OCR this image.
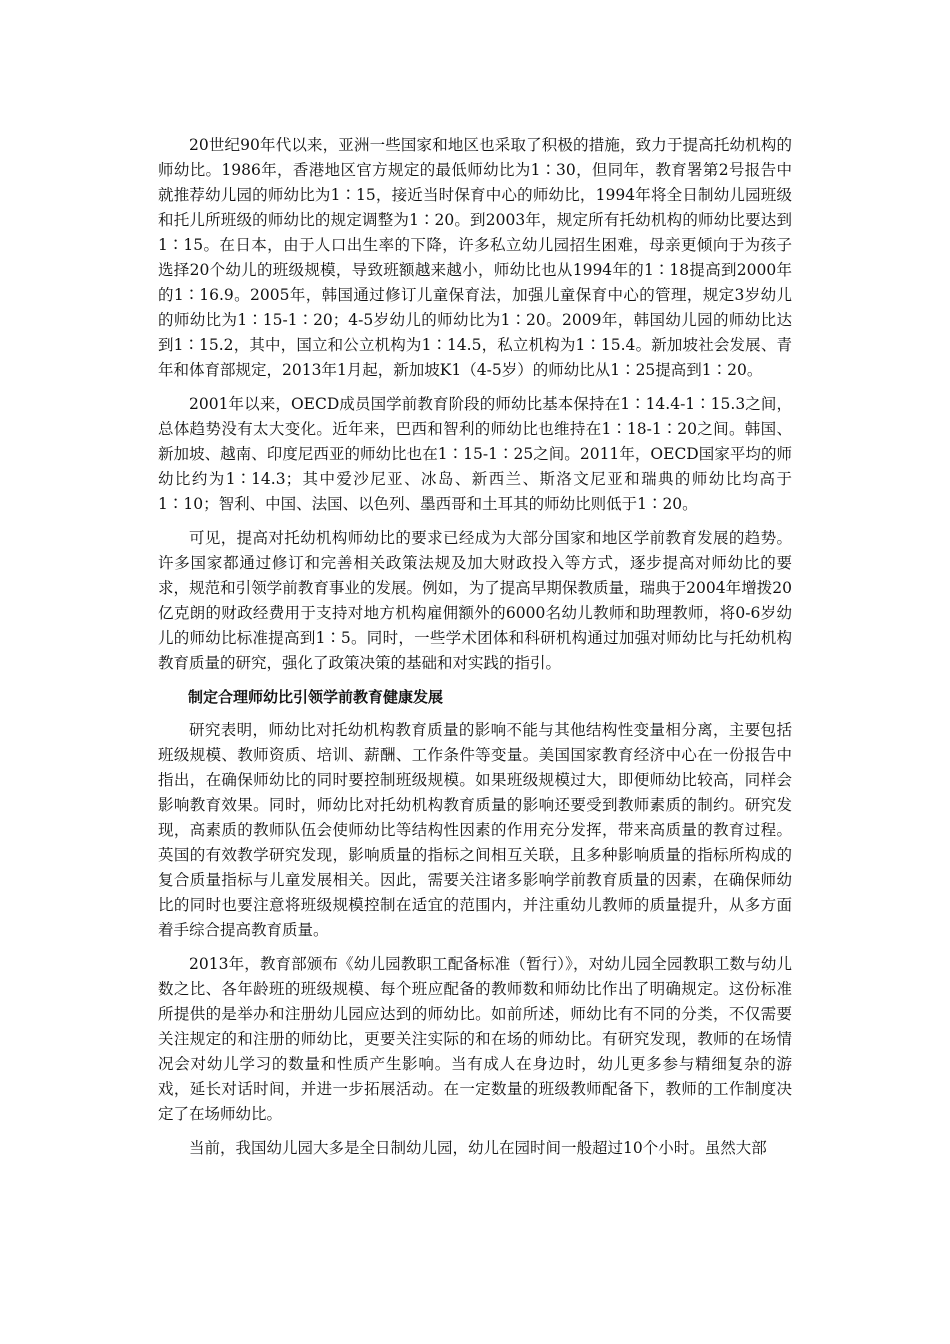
20世纪90年代以来，亚洲一些国家和地区也采取了积极的措施，致力于提高托幼机构的师幼比。1986年，香港地区官方规定的最低师幼比为1∶30，但同年，教育署第2号报告中就推荐幼儿园的师幼比为1∶15，接近当时保育中心的师幼比，1994年将全日制幼儿园班级和托儿所班级的师幼比的规定调整为1∶20。到2003年，规定所有托幼机构的师幼比要达到1∶15。在日本，由于人口出生率的下降，许多私立幼儿园招生困难，母亲更倾向于为孩子选择20个幼儿的班级规模，导致班额越来越小，师幼比也从1994年的1∶18提高到2000年的1∶16.9。2005年，韩国通过修订儿童保育法，加强儿童保育中心的管理，规定3岁幼儿的师幼比为1∶15-1∶20；4-5岁幼儿的师幼比为1∶20。2009年，韩国幼儿园的师幼比达到1∶15.2，其中，国立和公立机构为1∶14.5，私立机构为1∶15.4。新加坡社会发展、青年和体育部规定，2013年1月起，新加坡K1（4-5岁）的师幼比从1∶25提高到1∶20。

2001年以来，OECD成员国学前教育阶段的师幼比基本保持在1∶14.4-1∶15.3之间，总体趋势没有太大变化。近年来，巴西和智利的师幼比也维持在1∶18-1∶20之间。韩国、新加坡、越南、印度尼西亚的师幼比也在1∶15-1∶25之间。2011年，OECD国家平均的师幼比约为1∶14.3；其中爱沙尼亚、冰岛、新西兰、斯洛文尼亚和瑞典的师幼比均高于1∶10；智利、中国、法国、以色列、墨西哥和土耳其的师幼比则低于1∶20。

可见，提高对托幼机构师幼比的要求已经成为大部分国家和地区学前教育发展的趋势。许多国家都通过修订和完善相关政策法规及加大财政投入等方式，逐步提高对师幼比的要求，规范和引领学前教育事业的发展。例如，为了提高早期保教质量，瑞典于2004年增拨20亿克朗的财政经费用于支持对地方机构雇佣额外的6000名幼儿教师和助理教师，将0-6岁幼儿的师幼比标准提高到1∶5。同时，一些学术团体和科研机构通过加强对师幼比与托幼机构教育质量的研究，强化了政策决策的基础和对实践的指引。

制定合理师幼比引领学前教育健康发展

研究表明，师幼比对托幼机构教育质量的影响不能与其他结构性变量相分离，主要包括班级规模、教师资质、培训、薪酬、工作条件等变量。美国国家教育经济中心在一份报告中指出，在确保师幼比的同时要控制班级规模。如果班级规模过大，即便师幼比较高，同样会影响教育效果。同时，师幼比对托幼机构教育质量的影响还要受到教师素质的制约。研究发现，高素质的教师队伍会使师幼比等结构性因素的作用充分发挥，带来高质量的教育过程。英国的有效教学研究发现，影响质量的指标之间相互关联，且多种影响质量的指标所构成的复合质量指标与儿童发展相关。因此，需要关注诸多影响学前教育质量的因素，在确保师幼比的同时也要注意将班级规模控制在适宜的范围内，并注重幼儿教师的质量提升，从多方面着手综合提高教育质量。

2013年，教育部颁布《幼儿园教职工配备标准（暂行）》，对幼儿园全园教职工数与幼儿数之比、各年龄班的班级规模、每个班应配备的教师数和师幼比作出了明确规定。这份标准所提供的是举办和注册幼儿园应达到的师幼比。如前所述，师幼比有不同的分类，不仅需要关注规定的和注册的师幼比，更要关注实际的和在场的师幼比。有研究发现，教师的在场情况会对幼儿学习的数量和性质产生影响。当有成人在身边时，幼儿更多参与精细复杂的游戏，延长对话时间，并进一步拓展活动。在一定数量的班级教师配备下，教师的工作制度决定了在场师幼比。

当前，我国幼儿园大多是全日制幼儿园，幼儿在园时间一般超过10个小时。虽然大部
